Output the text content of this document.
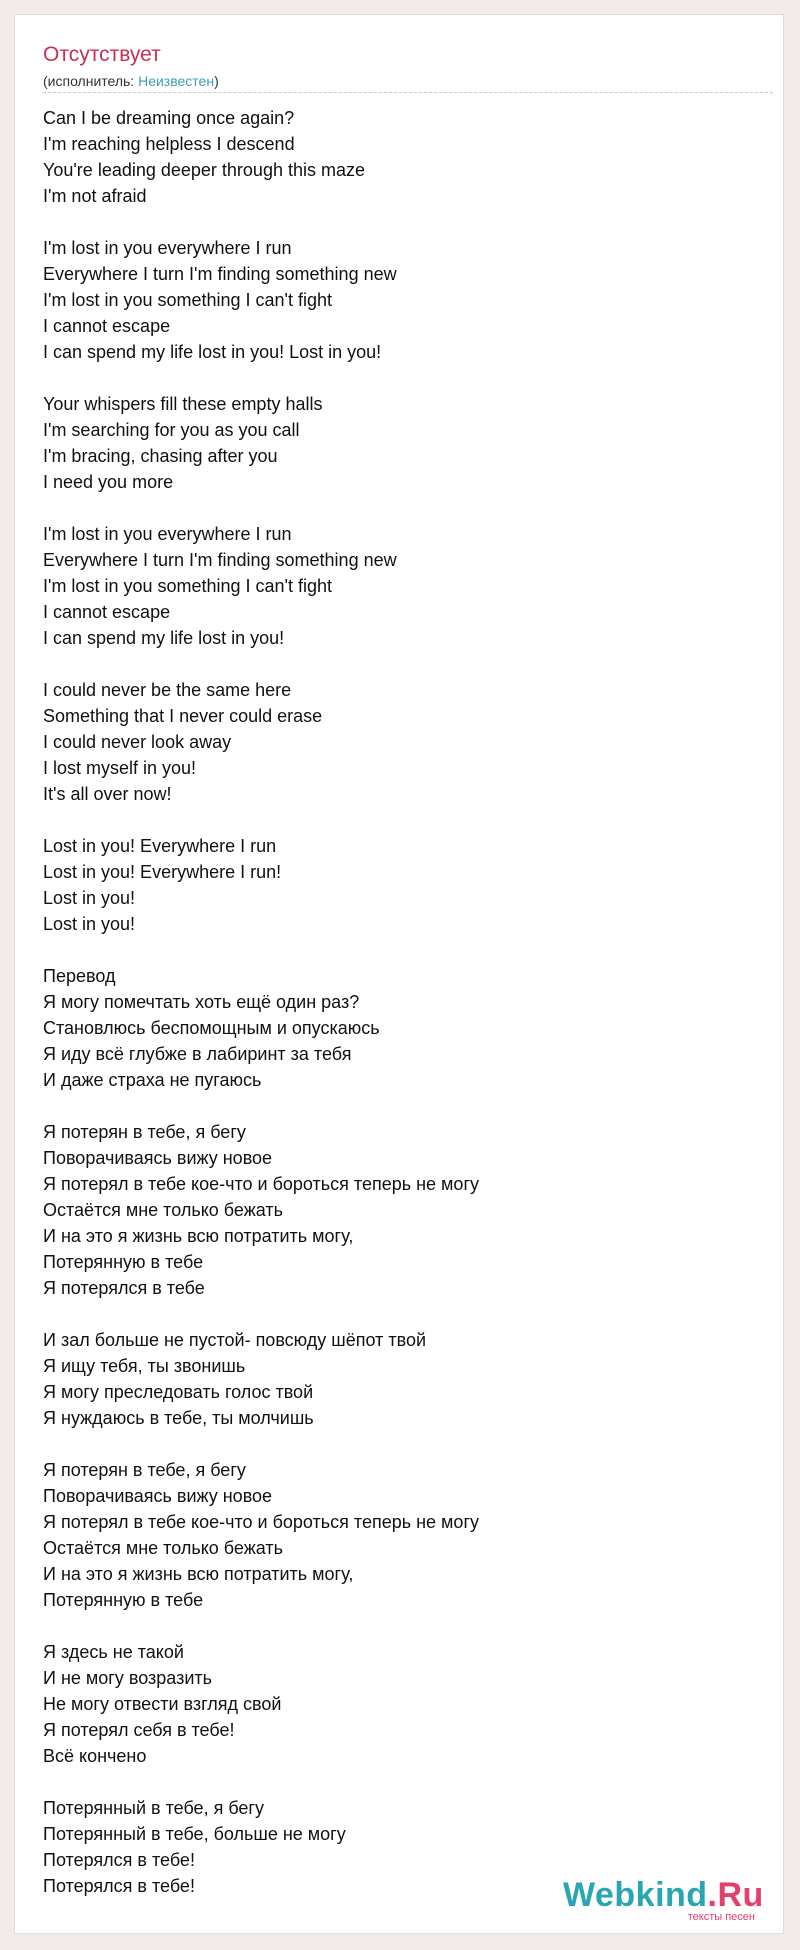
Отсутствует
(исполнитель: Неизвестен)
Can I be dreaming once again?
I'm reaching helpless I descend
You're leading deeper through this maze
I'm not afraid

I'm lost in you everywhere I run
Everywhere I turn I'm finding something new
I'm lost in you something I can't fight
I cannot escape
I can spend my life lost in you! Lost in you!

Your whispers fill these empty halls
I'm searching for you as you call
I'm bracing, chasing after you
I need you more

I'm lost in you everywhere I run
Everywhere I turn I'm finding something new
I'm lost in you something I can't fight
I cannot escape
I can spend my life lost in you!

I could never be the same here
Something that I never could erase
I could never look away
I lost myself in you!
It's all over now!

Lost in you! Everywhere I run
Lost in you! Everywhere I run!
Lost in you!
Lost in you!

Перевод
Я могу помечтать хоть ещё один раз?
Становлюсь беспомощным и опускаюсь
Я иду всё глубже в лабиринт за тебя
И даже страха не пугаюсь

Я потерян в тебе, я бегу
Поворачиваясь вижу новое
Я потерял в тебе кое-что и бороться теперь не могу
Остаётся мне только бежать
И на это я жизнь всю потратить могу,
Потерянную в тебе
Я потерялся в тебе

И зал больше не пустой- повсюду шёпот твой
Я ищу тебя, ты звонишь
Я могу преследовать голос твой
Я нуждаюсь в тебе, ты молчишь

Я потерян в тебе, я бегу
Поворачиваясь вижу новое
Я потерял в тебе кое-что и бороться теперь не могу
Остаётся мне только бежать
И на это я жизнь всю потратить могу,
Потерянную в тебе

Я здесь не такой
И не могу возразить
Не могу отвести взгляд свой
Я потерял себя в тебе!
Всё кончено

Потерянный в тебе, я бегу
Потерянный в тебе, больше не могу
Потерялся в тебе!
Потерялся в тебе!	Webkind.Ru
тексты песен
